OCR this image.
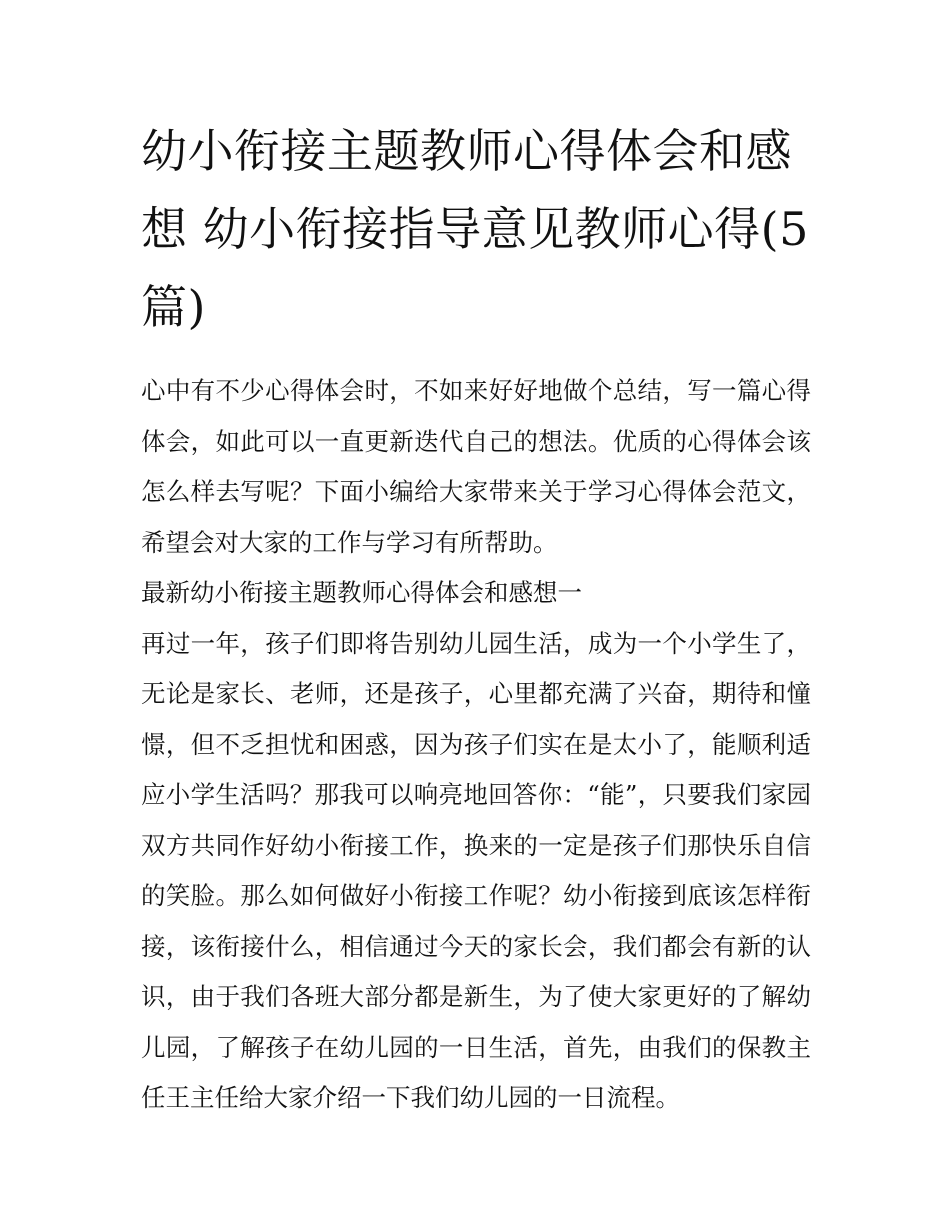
幼小衔接主题教师心得体会和感想 幼小衔接指导意见教师心得(5篇)

心中有不少心得体会时，不如来好好地做个总结，写一篇心得体会，如此可以一直更新迭代自己的想法。优质的心得体会该怎么样去写呢？下面小编给大家带来关于学习心得体会范文，希望会对大家的工作与学习有所帮助。

最新幼小衔接主题教师心得体会和感想一

再过一年，孩子们即将告别幼儿园生活，成为一个小学生了，无论是家长、老师，还是孩子，心里都充满了兴奋，期待和憧憬，但不乏担忧和困惑，因为孩子们实在是太小了，能顺利适应小学生活吗？那我可以响亮地回答你：“能”，只要我们家园双方共同作好幼小衔接工作，换来的一定是孩子们那快乐自信的笑脸。那么如何做好小衔接工作呢？幼小衔接到底该怎样衔接，该衔接什么，相信通过今天的家长会，我们都会有新的认识，由于我们各班大部分都是新生，为了使大家更好的了解幼儿园，了解孩子在幼儿园的一日生活，首先，由我们的保教主任王主任给大家介绍一下我们幼儿园的一日流程。
